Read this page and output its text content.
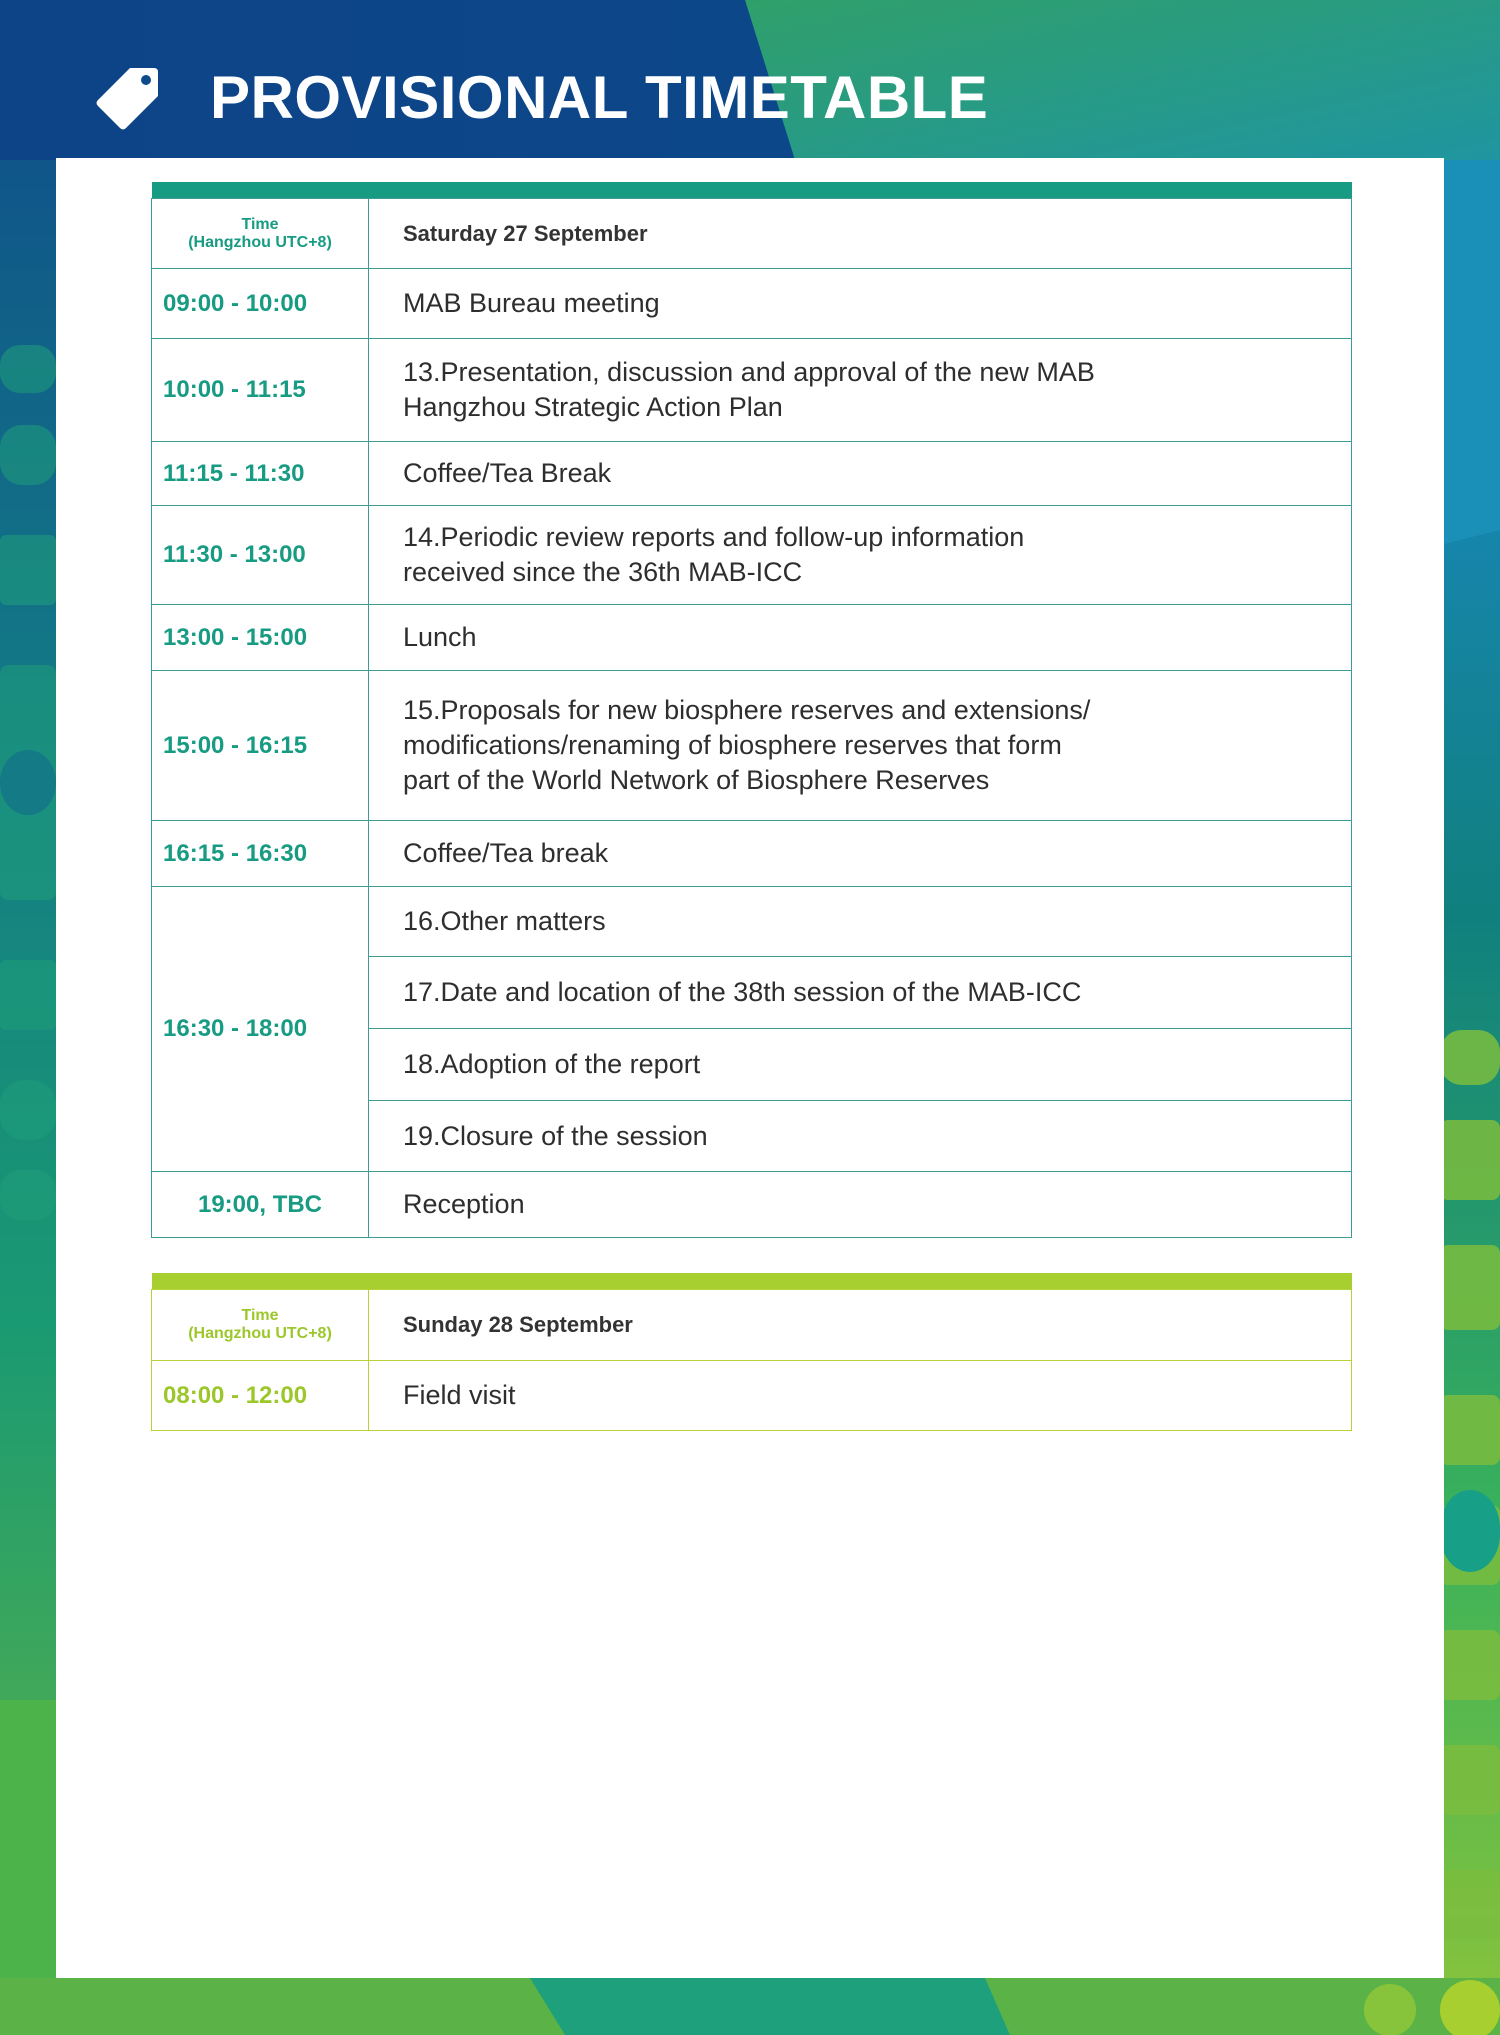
PROVISIONAL TIMETABLE

Time
(Hangzhou UTC+8)	Saturday 27 September
09:00 - 10:00	MAB Bureau meeting

10:00 - 11:15	13.Presentation, discussion and approval of the new MAB
Hangzhou Strategic Action Plan

11:15 - 11:30	Coffee/Tea Break

11:30 - 13:00	14.Periodic review reports and follow-up information
received since the 36th MAB-ICC

13:00 - 15:00	Lunch

15:00 - 16:15	15.Proposals for new biosphere reserves and extensions/
modifications/renaming of biosphere reserves that form
part of the World Network of Biosphere Reserves

16:15 - 16:30	Coffee/Tea break

16:30 - 18:00	16.Other matters

	17.Date and location of the 38th session of the MAB-ICC

	18.Adoption of the report

	19.Closure of the session

19:00, TBC	Reception

Time
(Hangzhou UTC+8)	Sunday 28 September
08:00 - 12:00	Field visit
